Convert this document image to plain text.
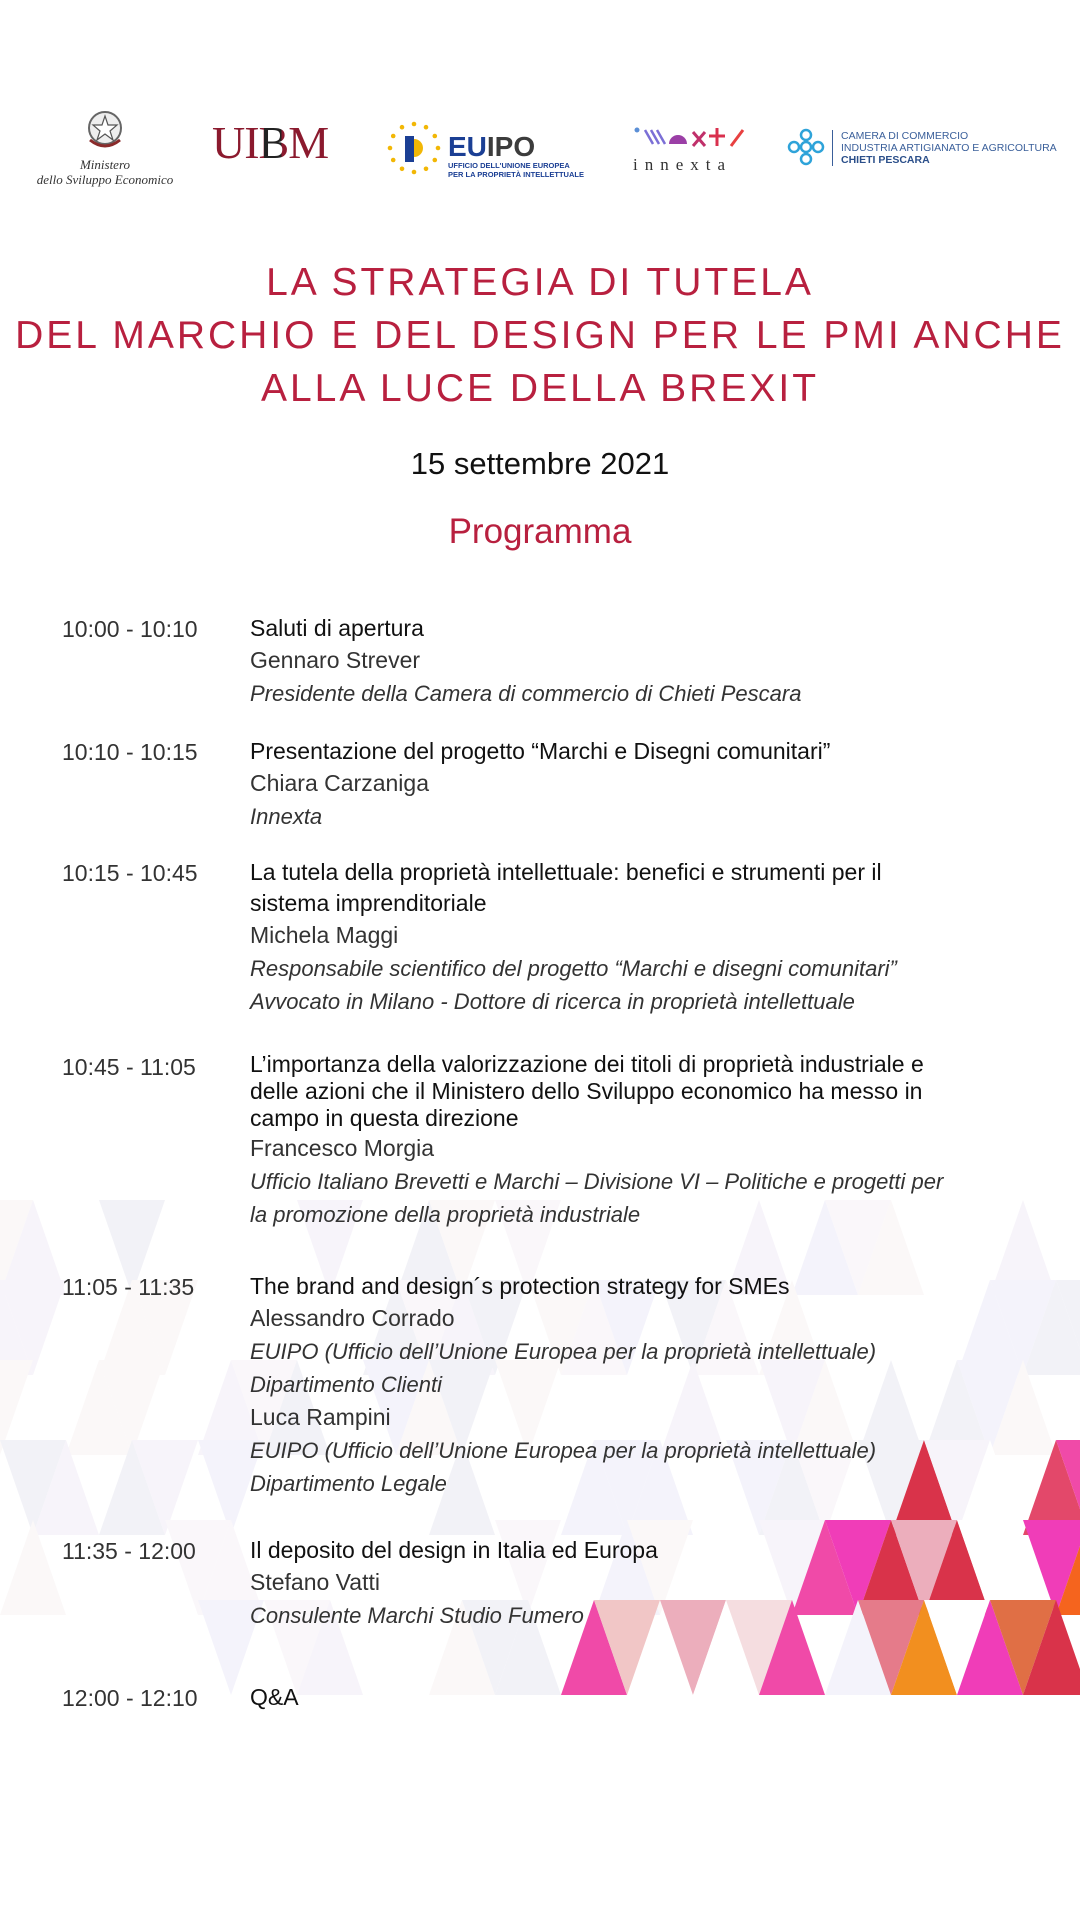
Ministero
dello Sviluppo Economico
UIBM	EUIPO
UFFICIO DELL'UNIONE EUROPEA
PER LA PROPRIETÀ INTELLETTUALE
innexta
CAMERA DI COMMERCIO
INDUSTRIA ARTIGIANATO E AGRICOLTURA
CHIETI PESCARA
LA STRATEGIA DI TUTELA
DEL MARCHIO E DEL DESIGN PER LE PMI ANCHE
ALLA LUCE DELLA BREXIT
15 settembre 2021
Programma
10:00 - 10:10	Saluti di apertura
Gennaro Strever
Presidente della Camera di commercio di Chieti Pescara
10:10 - 10:15	Presentazione del progetto “Marchi e Disegni comunitari”
Chiara Carzaniga
Innexta
10:15 - 10:45	La tutela della proprietà intellettuale: benefici e strumenti per il
sistema imprenditoriale
Michela Maggi
Responsabile scientifico del progetto “Marchi e disegni comunitari”
Avvocato in Milano - Dottore di ricerca in proprietà intellettuale
10:45 - 11:05	L’importanza della valorizzazione dei titoli di proprietà industriale e
delle azioni che il Ministero dello Sviluppo economico ha messo in
campo in questa direzione
Francesco Morgia
Ufficio Italiano Brevetti e Marchi – Divisione VI – Politiche e progetti per
la promozione della proprietà industriale
11:05 - 11:35	The brand and design´s protection strategy for SMEs
Alessandro Corrado
EUIPO (Ufficio dell’Unione Europea per la proprietà intellettuale)
Dipartimento Clienti
Luca Rampini
EUIPO (Ufficio dell’Unione Europea per la proprietà intellettuale)
Dipartimento Legale
11:35 - 12:00	Il deposito del design in Italia ed Europa
Stefano Vatti
Consulente Marchi Studio Fumero
12:00 - 12:10	Q&A
